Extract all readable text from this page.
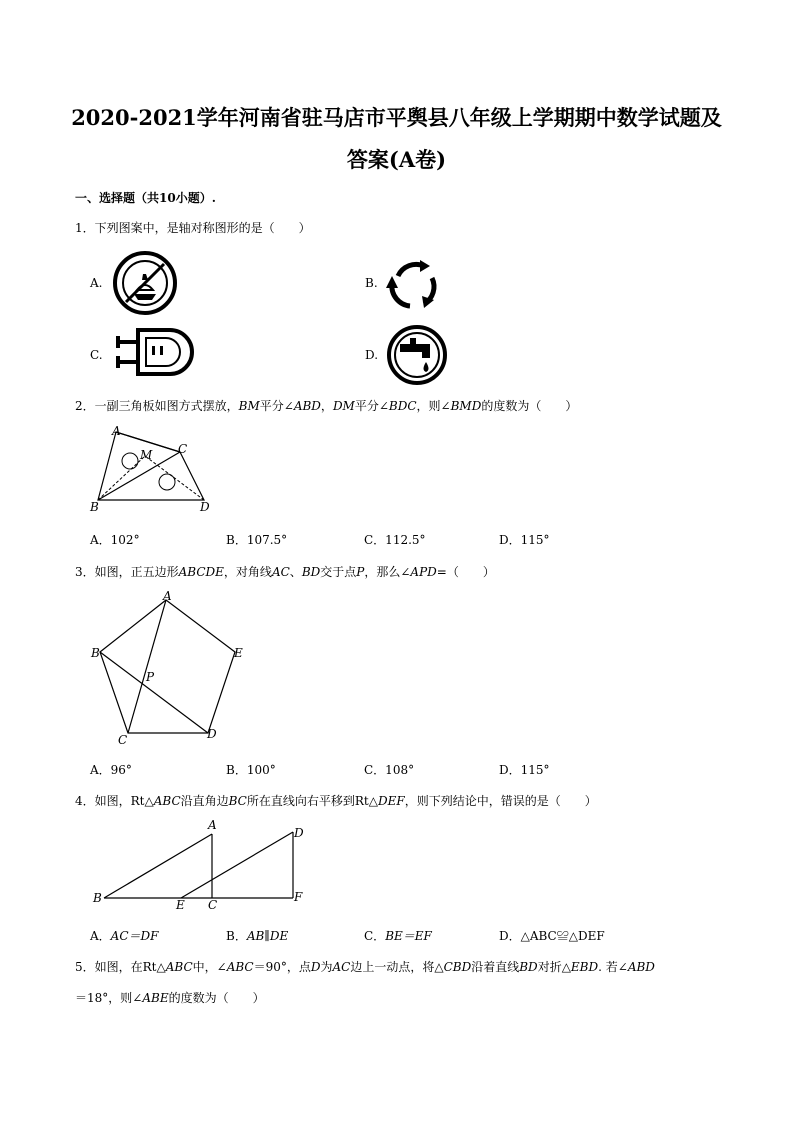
2020-2021学年河南省驻马店市平舆县八年级上学期期中数学试题及
答案(A卷)
一、选择题（共10小题）.
1．下列图案中，是轴对称图形的是（　　）
A.	B.
C.	D.
2．一副三角板如图方式摆放，BM平分∠ABD，DM平分∠BDC，则∠BMD的度数为（　　）
A
C
M
B	D
A．102°	B．107.5°	C．112.5°	D．115°
3．如图，正五边形ABCDE，对角线AC、BD交于点P，那么∠APD=（　　）
A
B	E
P
C	D
A．96°	B．100°	C．108°	D．115°
4．如图，Rt△ABC沿直角边BC所在直线向右平移到Rt△DEF，则下列结论中，错误的是（　　）
A
D
B	E C
F
A．AC＝DF	B．AB∥DE	C．BE＝EF	D．△ABC≌△DEF
5．如图，在Rt△ABC中，∠ABC＝90°，点D为AC边上一动点，将△CBD沿着直线BD对折△EBD. 若∠ABD
＝18°，则∠ABE的度数为（　　）
